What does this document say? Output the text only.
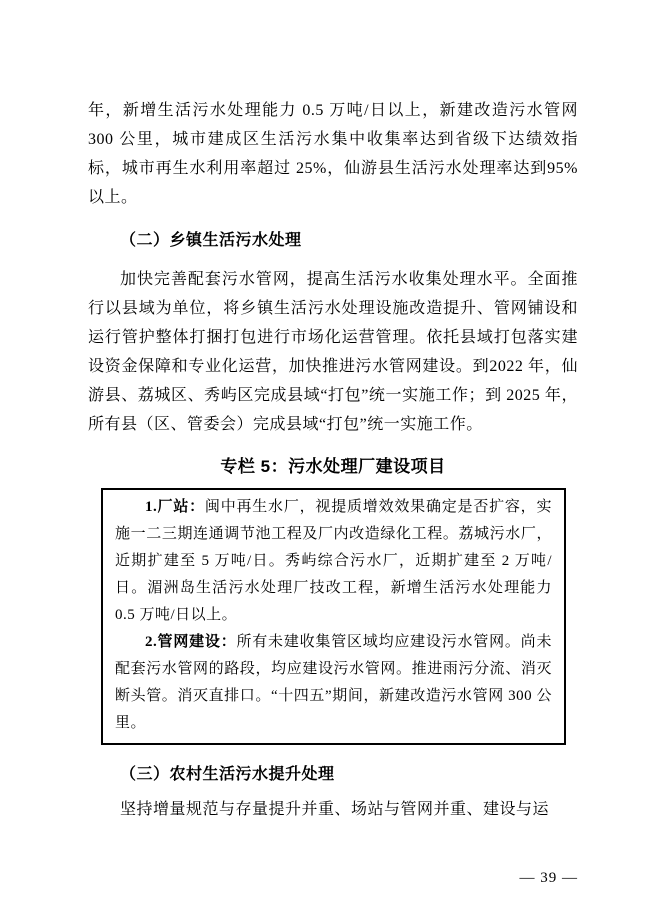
年，新增生活污水处理能力 0.5 万吨/日以上，新建改造污水管网 300 公里，城市建成区生活污水集中收集率达到省级下达绩效指标，城市再生水利用率超过 25%，仙游县生活污水处理率达到95%以上。

（二）乡镇生活污水处理

加快完善配套污水管网，提高生活污水收集处理水平。全面推行以县域为单位，将乡镇生活污水处理设施改造提升、管网铺设和运行管护整体打捆打包进行市场化运营管理。依托县域打包落实建设资金保障和专业化运营，加快推进污水管网建设。到2022 年，仙游县、荔城区、秀屿区完成县域“打包”统一实施工作；到 2025 年，所有县（区、管委会）完成县域“打包”统一实施工作。

专栏 5：污水处理厂建设项目

1.厂站：闽中再生水厂，视提质增效效果确定是否扩容，实施一二三期连通调节池工程及厂内改造绿化工程。荔城污水厂，近期扩建至 5 万吨/日。秀屿综合污水厂，近期扩建至 2 万吨/日。湄洲岛生活污水处理厂技改工程，新增生活污水处理能力 0.5 万吨/日以上。

2.管网建设：所有未建收集管区域均应建设污水管网。尚未配套污水管网的路段，均应建设污水管网。推进雨污分流、消灭断头管。消灭直排口。“十四五”期间，新建改造污水管网 300 公里。

（三）农村生活污水提升处理

坚持增量规范与存量提升并重、场站与管网并重、建设与运

— 39 —
